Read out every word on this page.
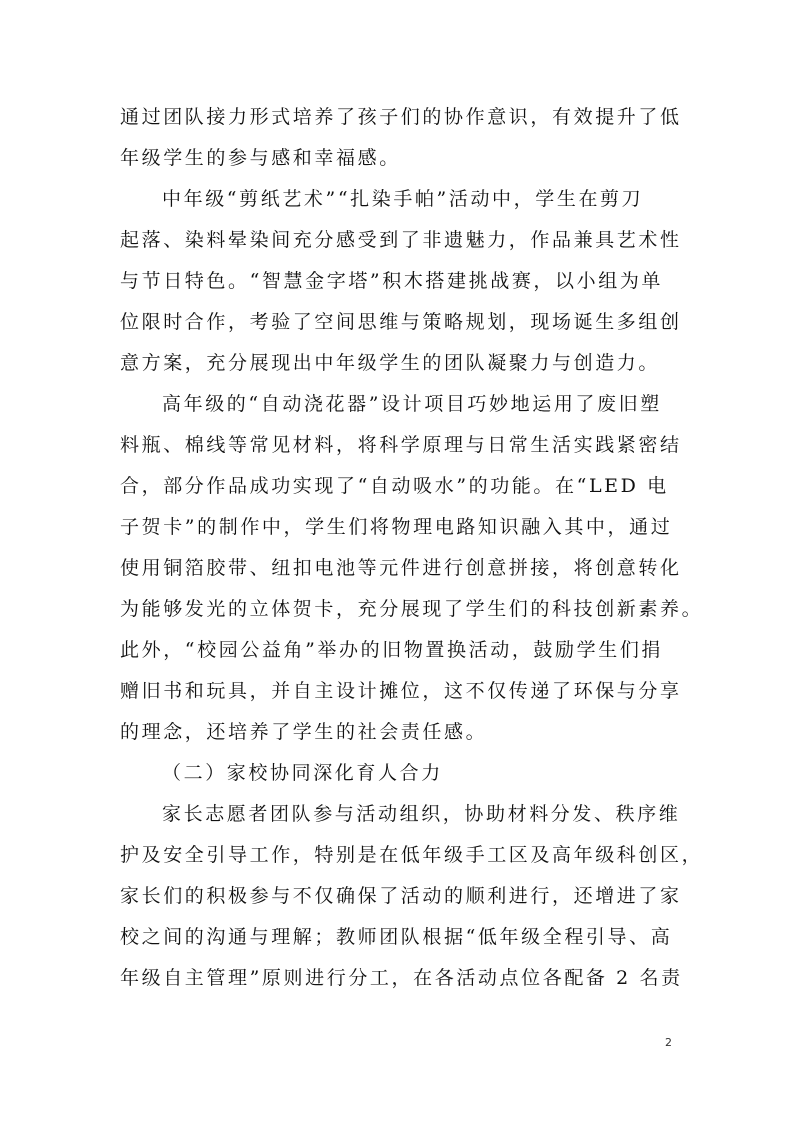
通过团队接力形式培养了孩子们的协作意识，有效提升了低
年级学生的参与感和幸福感。
中年级“剪纸艺术”“扎染手帕”活动中，学生在剪刀
起落、染料晕染间充分感受到了非遗魅力，作品兼具艺术性
与节日特色。“智慧金字塔”积木搭建挑战赛，以小组为单
位限时合作，考验了空间思维与策略规划，现场诞生多组创
意方案，充分展现出中年级学生的团队凝聚力与创造力。
高年级的“自动浇花器”设计项目巧妙地运用了废旧塑
料瓶、棉线等常见材料，将科学原理与日常生活实践紧密结
合，部分作品成功实现了“自动吸水”的功能。在“LED 电
子贺卡”的制作中，学生们将物理电路知识融入其中，通过
使用铜箔胶带、纽扣电池等元件进行创意拼接，将创意转化
为能够发光的立体贺卡，充分展现了学生们的科技创新素养。
此外，“校园公益角”举办的旧物置换活动，鼓励学生们捐
赠旧书和玩具，并自主设计摊位，这不仅传递了环保与分享
的理念，还培养了学生的社会责任感。
（二）家校协同深化育人合力
家长志愿者团队参与活动组织，协助材料分发、秩序维
护及安全引导工作，特别是在低年级手工区及高年级科创区，
家长们的积极参与不仅确保了活动的顺利进行，还增进了家
校之间的沟通与理解；教师团队根据“低年级全程引导、高
年级自主管理”原则进行分工，在各活动点位各配备 2 名责
2
